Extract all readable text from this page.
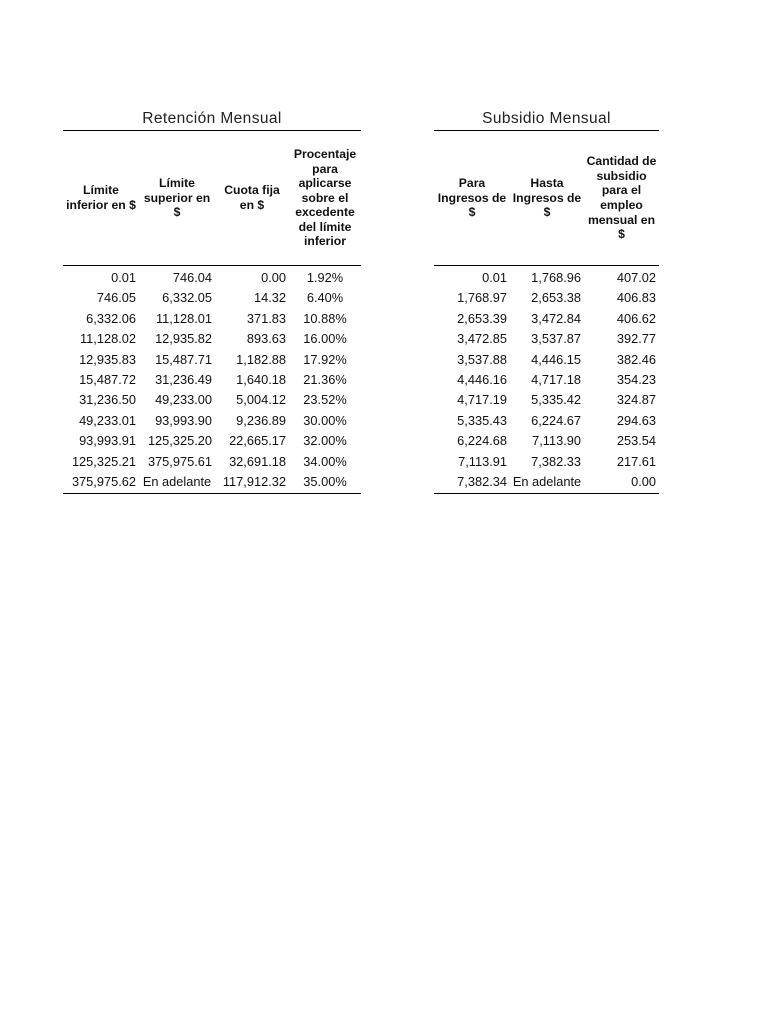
Retención Mensual
Límite inferior en $
Límite superior en $
Cuota fija en $
Procentaje para aplicarse sobre el excedente del límite inferior
0.01	746.04	0.00	1.92%
746.05	6,332.05	14.32	6.40%
6,332.06	11,128.01	371.83	10.88%
11,128.02	12,935.82	893.63	16.00%
12,935.83	15,487.71	1,182.88	17.92%
15,487.72	31,236.49	1,640.18	21.36%
31,236.50	49,233.00	5,004.12	23.52%
49,233.01	93,993.90	9,236.89	30.00%
93,993.91 125,325.20	22,665.17	32.00%
125,325.21 375,975.61	32,691.18	34.00%
375,975.62 En adelante 117,912.32	35.00%
Subsidio Mensual
Para Ingresos de $
Hasta Ingresos de $
Cantidad de subsidio para el empleo mensual en $
0.01	1,768.96	407.02
1,768.97	2,653.38	406.83
2,653.39	3,472.84	406.62
3,472.85	3,537.87	392.77
3,537.88	4,446.15	382.46
4,446.16	4,717.18	354.23
4,717.19	5,335.42	324.87
5,335.43	6,224.67	294.63
6,224.68	7,113.90	253.54
7,113.91	7,382.33	217.61
7,382.34 En adelante	0.00
